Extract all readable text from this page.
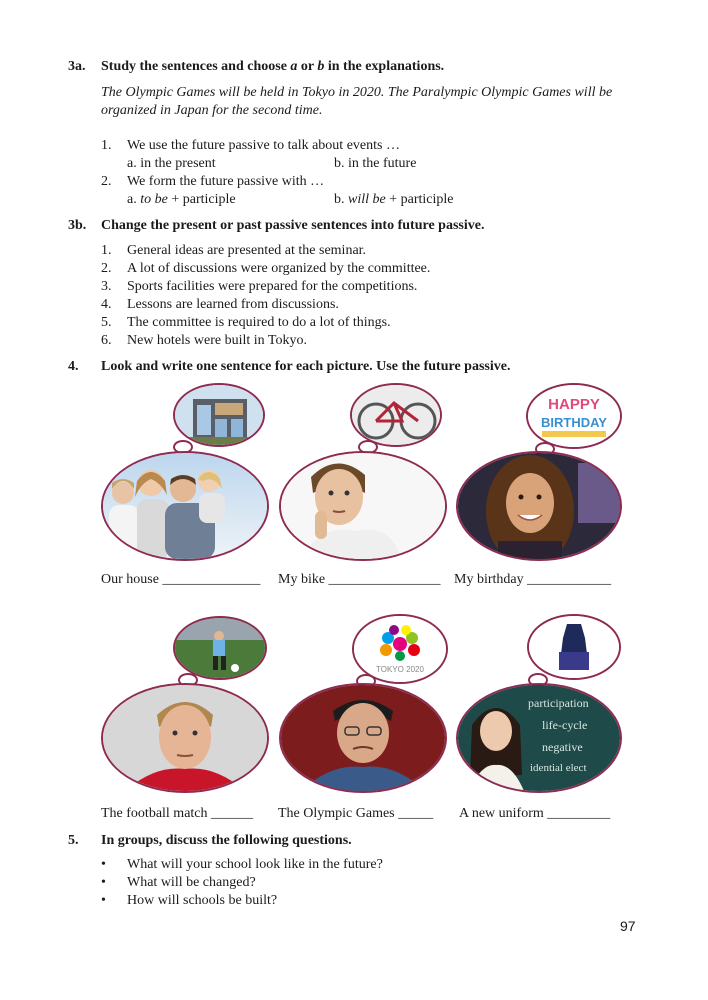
3a. Study the sentences and choose a or b in the explanations.
The Olympic Games will be held in Tokyo in 2020. The Paralympic Olympic Games will be
organized in Japan for the second time.
1. We use the future passive to talk about events …
a. in the present	b. in the future
2. We form the future passive with …
a. to be + participle	b. will be + participle
3b. Change the present or past passive sentences into future passive.
1. General ideas are presented at the seminar.
2. A lot of discussions were organized by the committee.
3. Sports facilities were prepared for the competitions.
4. Lessons are learned from discussions.
5. The committee is required to do a lot of things.
6. New hotels were built in Tokyo.
4. Look and write one sentence for each picture. Use the future passive.
HAPPY
BIRTHDAY
Our house ______________ My bike ________________ My birthday ____________
TOKYO 2020
participation
life-cycle
negative
idential elect
The football match ______ The Olympic Games _____ A new uniform _________
5. In groups, discuss the following questions.
• What will your school look like in the future?
• What will be changed?
• How will schools be built?
97
